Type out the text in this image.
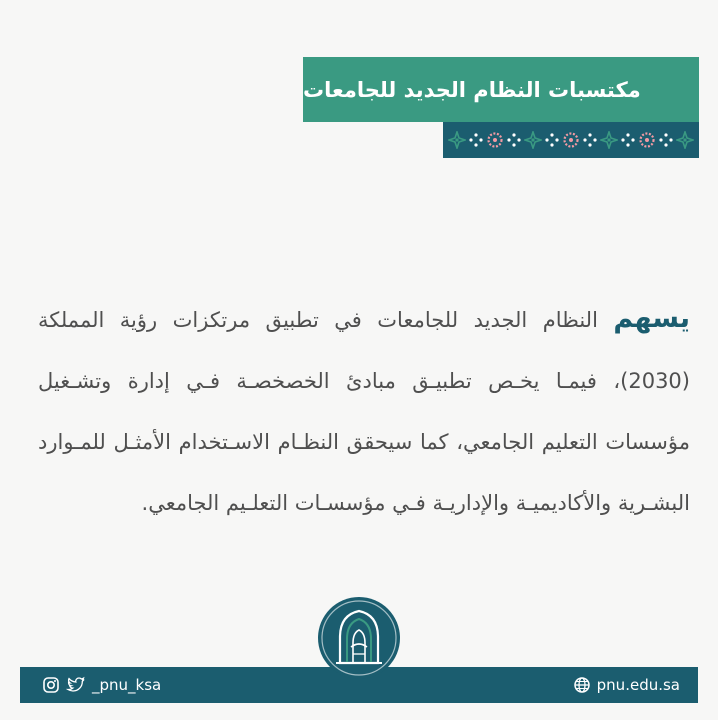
مكتسبات النظام الجديد للجامعات
يسهم النظام الجديد للجامعات في تطبيق مرتكزات رؤية المملكة (2030)، فيمـا يخـص تطبيـق مبادئ الخصخصـة فـي إدارة وتشـغيل مؤسسات التعليم الجامعي، كما سيحقق النظـام الاسـتخدام الأمثـل للمـوارد البشـرية والأكاديميـة والإداريـة فـي مؤسسـات التعلـيم الجامعي.
_pnu_ksa	pnu.edu.sa
